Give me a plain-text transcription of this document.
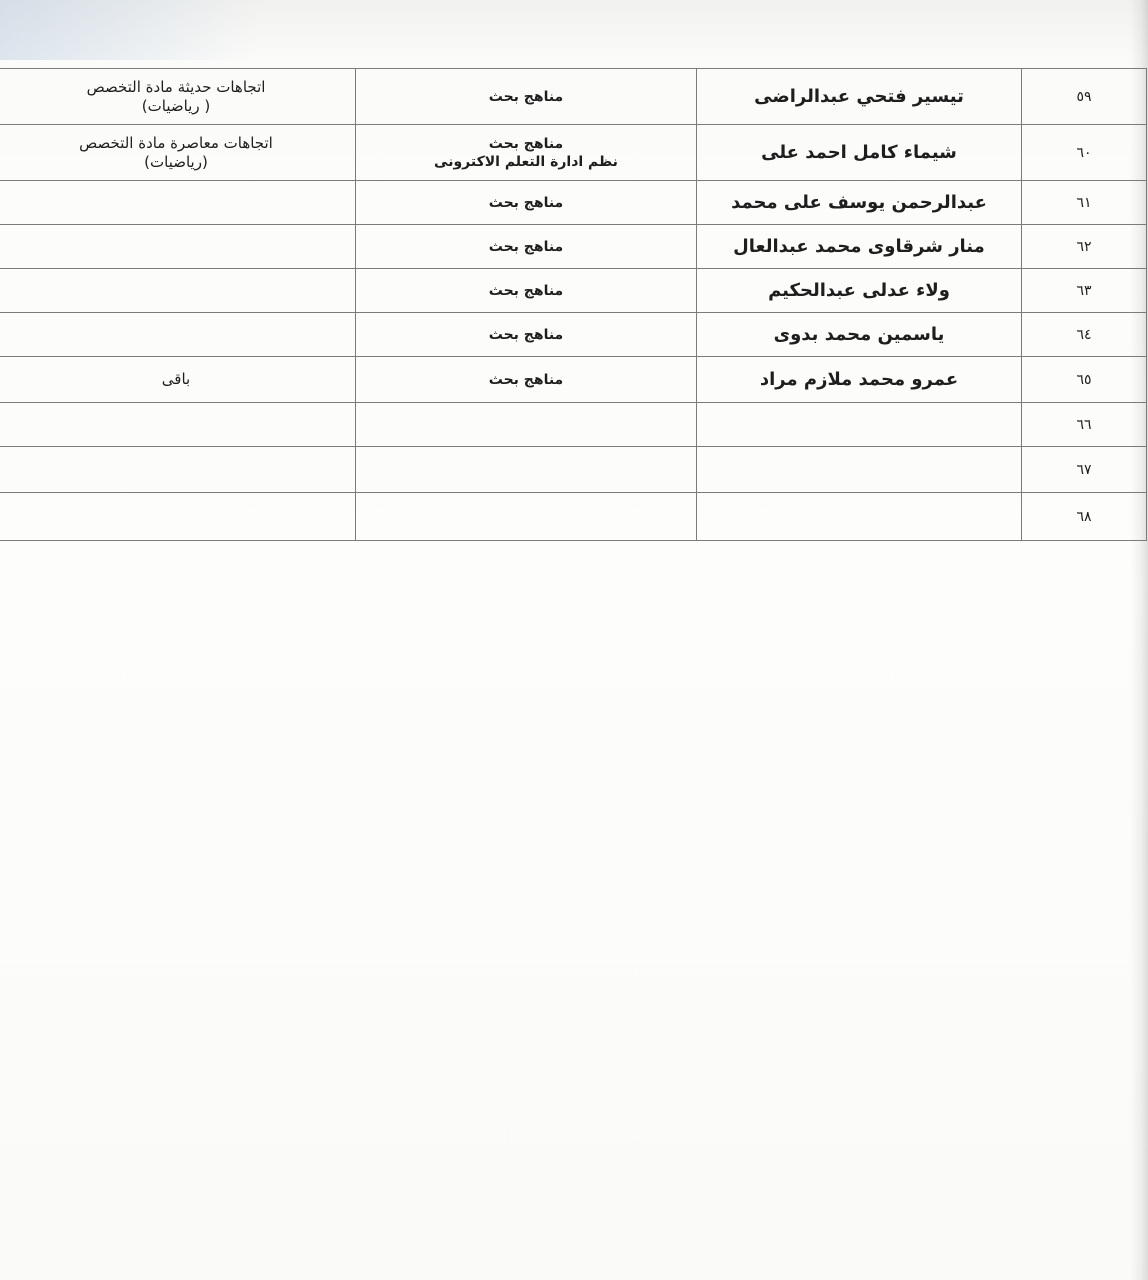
٥٩	تيسير فتحي عبدالراضى	مناهج بحث	اتجاهات حديثة مادة التخصص
( رياضيات)

٦٠	شيماء كامل احمد على	مناهج بحث
نظم ادارة التعلم الاكترونى	اتجاهات معاصرة مادة التخصص
(رياضيات)

٦١	عبدالرحمن يوسف على محمد	مناهج بحث	

٦٢	منار شرقاوى محمد عبدالعال	مناهج بحث	

٦٣	ولاء عدلى عبدالحكيم	مناهج بحث	

٦٤	ياسمين محمد بدوى	مناهج بحث	

٦٥	عمرو محمد ملازم مراد	مناهج بحث	باقى

٦٦			
٦٧			
٦٨			
